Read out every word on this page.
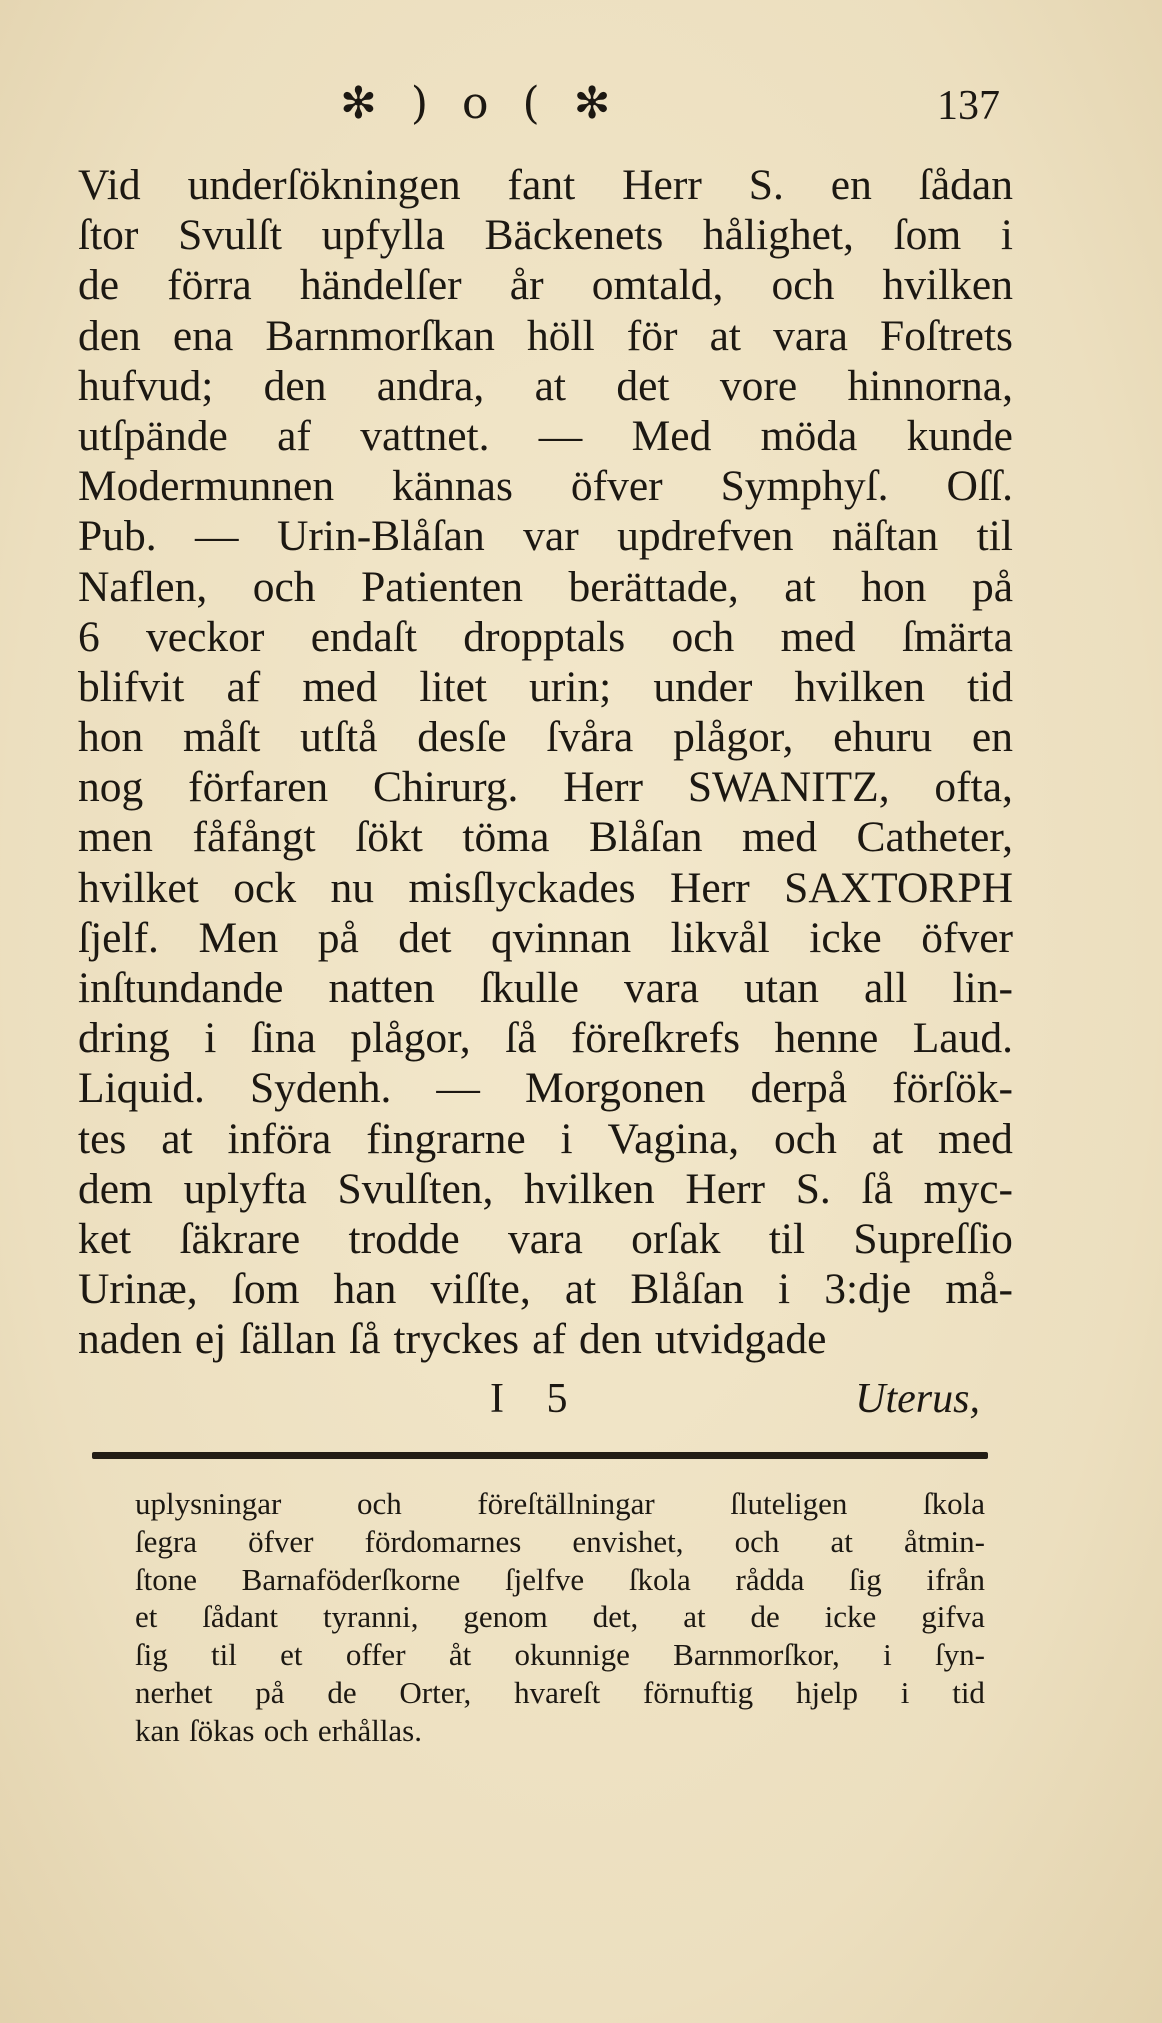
✻ ) o ( ✻	137
Vid underſökningen fant Herr S. en ſådan
ſtor Svulſt upfylla Bäckenets hålighet, ſom i
de förra händelſer år omtald, och hvilken
den ena Barnmorſkan höll för at vara Foſtrets
hufvud; den andra, at det vore hinnorna,
utſpände af vattnet. — Med möda kunde
Modermunnen kännas öfver Symphyſ. Oſſ.
Pub. — Urin-Blåſan var updrefven näſtan til
Naflen, och Patienten berättade, at hon på
6 veckor endaſt dropptals och med ſmärta
blifvit af med litet urin; under hvilken tid
hon måſt utſtå desſe ſvåra plågor, ehuru en
nog förfaren Chirurg. Herr SWANITZ, ofta,
men fåfångt ſökt töma Blåſan med Catheter,
hvilket ock nu misſlyckades Herr SAXTORPH
ſjelf. Men på det qvinnan likvål icke öfver
inſtundande natten ſkulle vara utan all lin-
dring i ſina plågor, ſå föreſkrefs henne Laud.
Liquid. Sydenh. — Morgonen derpå förſök-
tes at införa fingrarne i Vagina, och at med
dem uplyfta Svulſten, hvilken Herr S. ſå myc-
ket ſäkrare trodde vara orſak til Supreſſio
Urinæ, ſom han viſſte, at Blåſan i 3:dje må-
naden ej ſällan ſå tryckes af den utvidgade
I 5	Uterus,
uplysningar och föreſtällningar ſluteligen ſkola
ſegra öfver fördomarnes envishet, och at åtmin-
ſtone Barnaföderſkorne ſjelfve ſkola rådda ſig ifrån
et ſådant tyranni, genom det, at de icke gifva
ſig til et offer åt okunnige Barnmorſkor, i ſyn-
nerhet på de Orter, hvareſt förnuftig hjelp i tid
kan ſökas och erhållas.
